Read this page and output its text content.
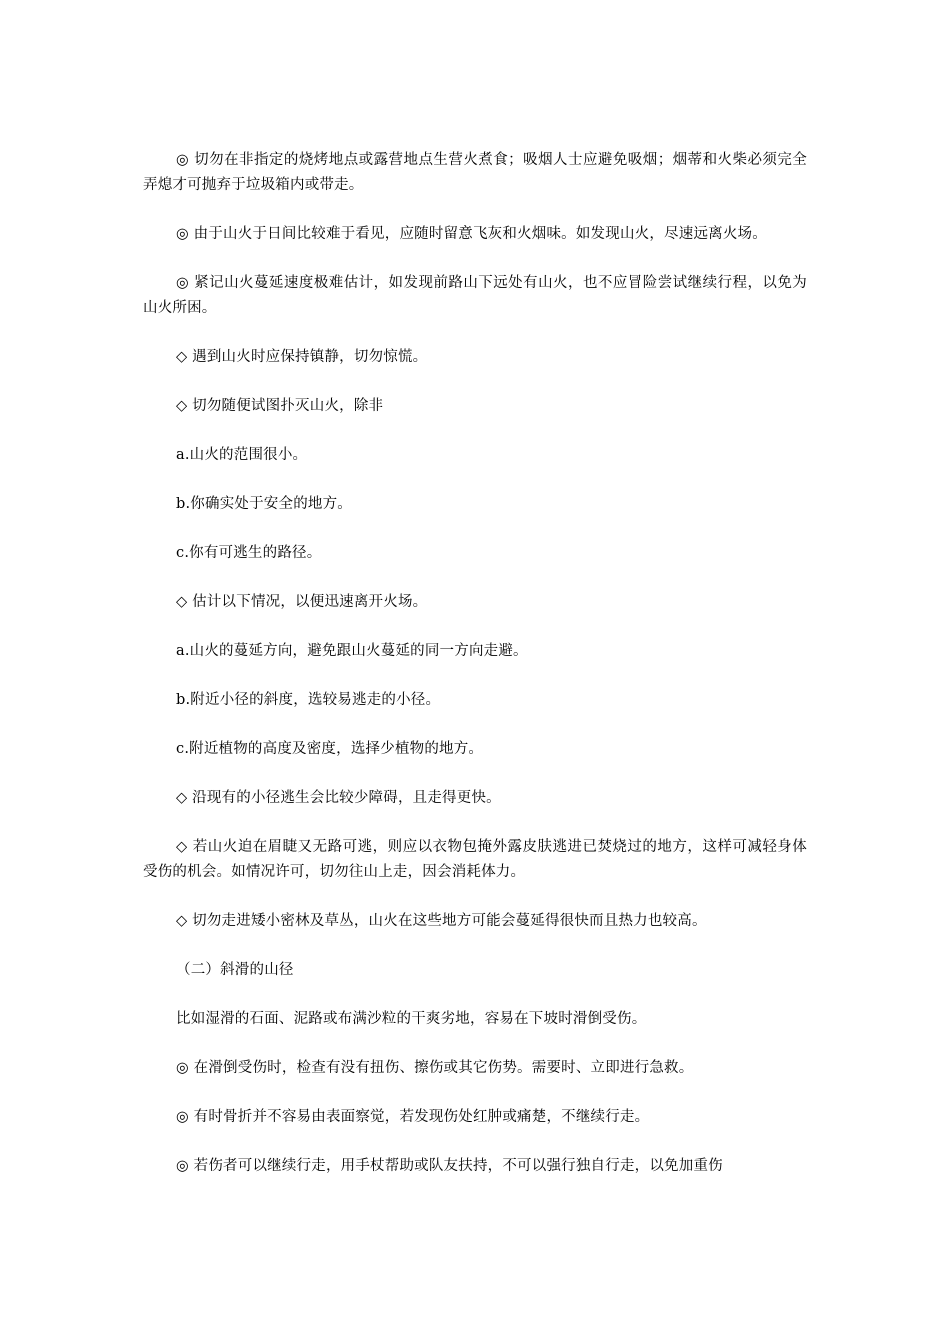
◎ 切勿在非指定的烧烤地点或露营地点生营火煮食；吸烟人士应避免吸烟；烟蒂和火柴必须完全弄熄才可抛弃于垃圾箱内或带走。

◎ 由于山火于日间比较难于看见，应随时留意飞灰和火烟味。如发现山火，尽速远离火场。

◎ 紧记山火蔓延速度极难估计，如发现前路山下远处有山火，也不应冒险尝试继续行程，以免为山火所困。

◇ 遇到山火时应保持镇静，切勿惊慌。

◇ 切勿随便试图扑灭山火，除非

a.山火的范围很小。

b.你确实处于安全的地方。

c.你有可逃生的路径。

◇ 估计以下情况，以便迅速离开火场。

a.山火的蔓延方向，避免跟山火蔓延的同一方向走避。

b.附近小径的斜度，选较易逃走的小径。

c.附近植物的高度及密度，选择少植物的地方。

◇ 沿现有的小径逃生会比较少障碍，且走得更快。

◇ 若山火迫在眉睫又无路可逃，则应以衣物包掩外露皮肤逃进已焚烧过的地方，这样可减轻身体受伤的机会。如情况许可，切勿往山上走，因会消耗体力。

◇ 切勿走进矮小密林及草丛，山火在这些地方可能会蔓延得很快而且热力也较高。

（二）斜滑的山径

比如湿滑的石面、泥路或布满沙粒的干爽劣地，容易在下坡时滑倒受伤。

◎ 在滑倒受伤时，检查有没有扭伤、擦伤或其它伤势。需要时、立即进行急救。

◎ 有时骨折并不容易由表面察觉，若发现伤处红肿或痛楚，不继续行走。

◎ 若伤者可以继续行走，用手杖帮助或队友扶持，不可以强行独自行走，以免加重伤
